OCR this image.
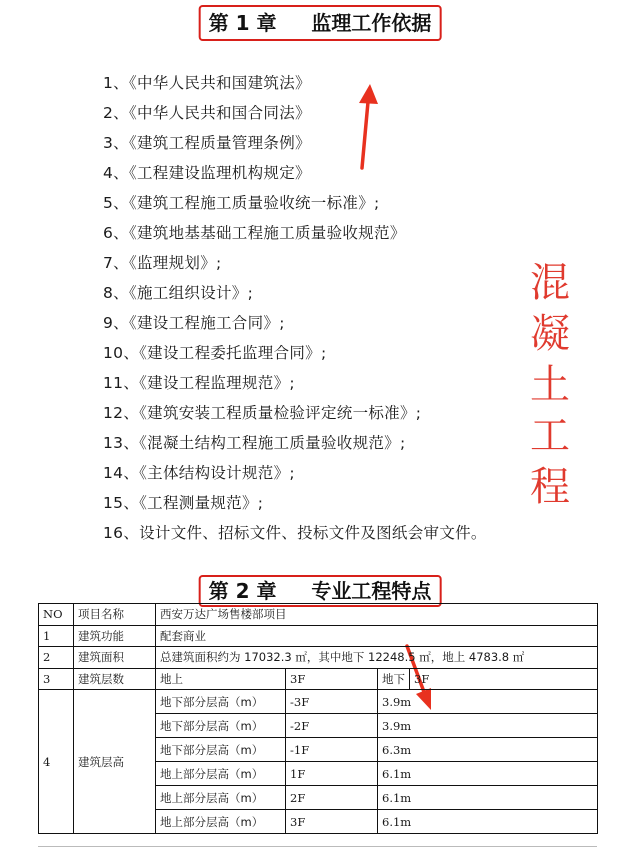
第 1 章     监理工作依据
1、《中华人民共和国建筑法》
2、《中华人民共和国合同法》
3、《建筑工程质量管理条例》
4、《工程建设监理机构规定》
5、《建筑工程施工质量验收统一标准》;
6、《建筑地基基础工程施工质量验收规范》
7、《监理规划》;
8、《施工组织设计》;
9、《建设工程施工合同》;
10、《建设工程委托监理合同》;
11、《建设工程监理规范》;
12、《建筑安装工程质量检验评定统一标准》;
13、《混凝土结构工程施工质量验收规范》;
14、《主体结构设计规范》;
15、《工程测量规范》;
16、设计文件、招标文件、投标文件及图纸会审文件。
混凝土工程
第 2 章     专业工程特点
NO	项目名称	西安万达广场售楼部项目			
1	建筑功能	配套商业			
2	建筑面积	总建筑面积约为 17032.3 ㎡，其中地下 12248.5 ㎡，地上 4783.8 ㎡			
3	建筑层数	地上	3F	地下	3F
4	建筑层高	地下部分层高（m）	-3F	3.9m	
		地下部分层高（m）	-2F	3.9m	
		地下部分层高（m）	-1F	6.3m	
		地上部分层高（m）	1F	6.1m	
		地上部分层高（m）	2F	6.1m	
		地上部分层高（m）	3F	6.1m	
